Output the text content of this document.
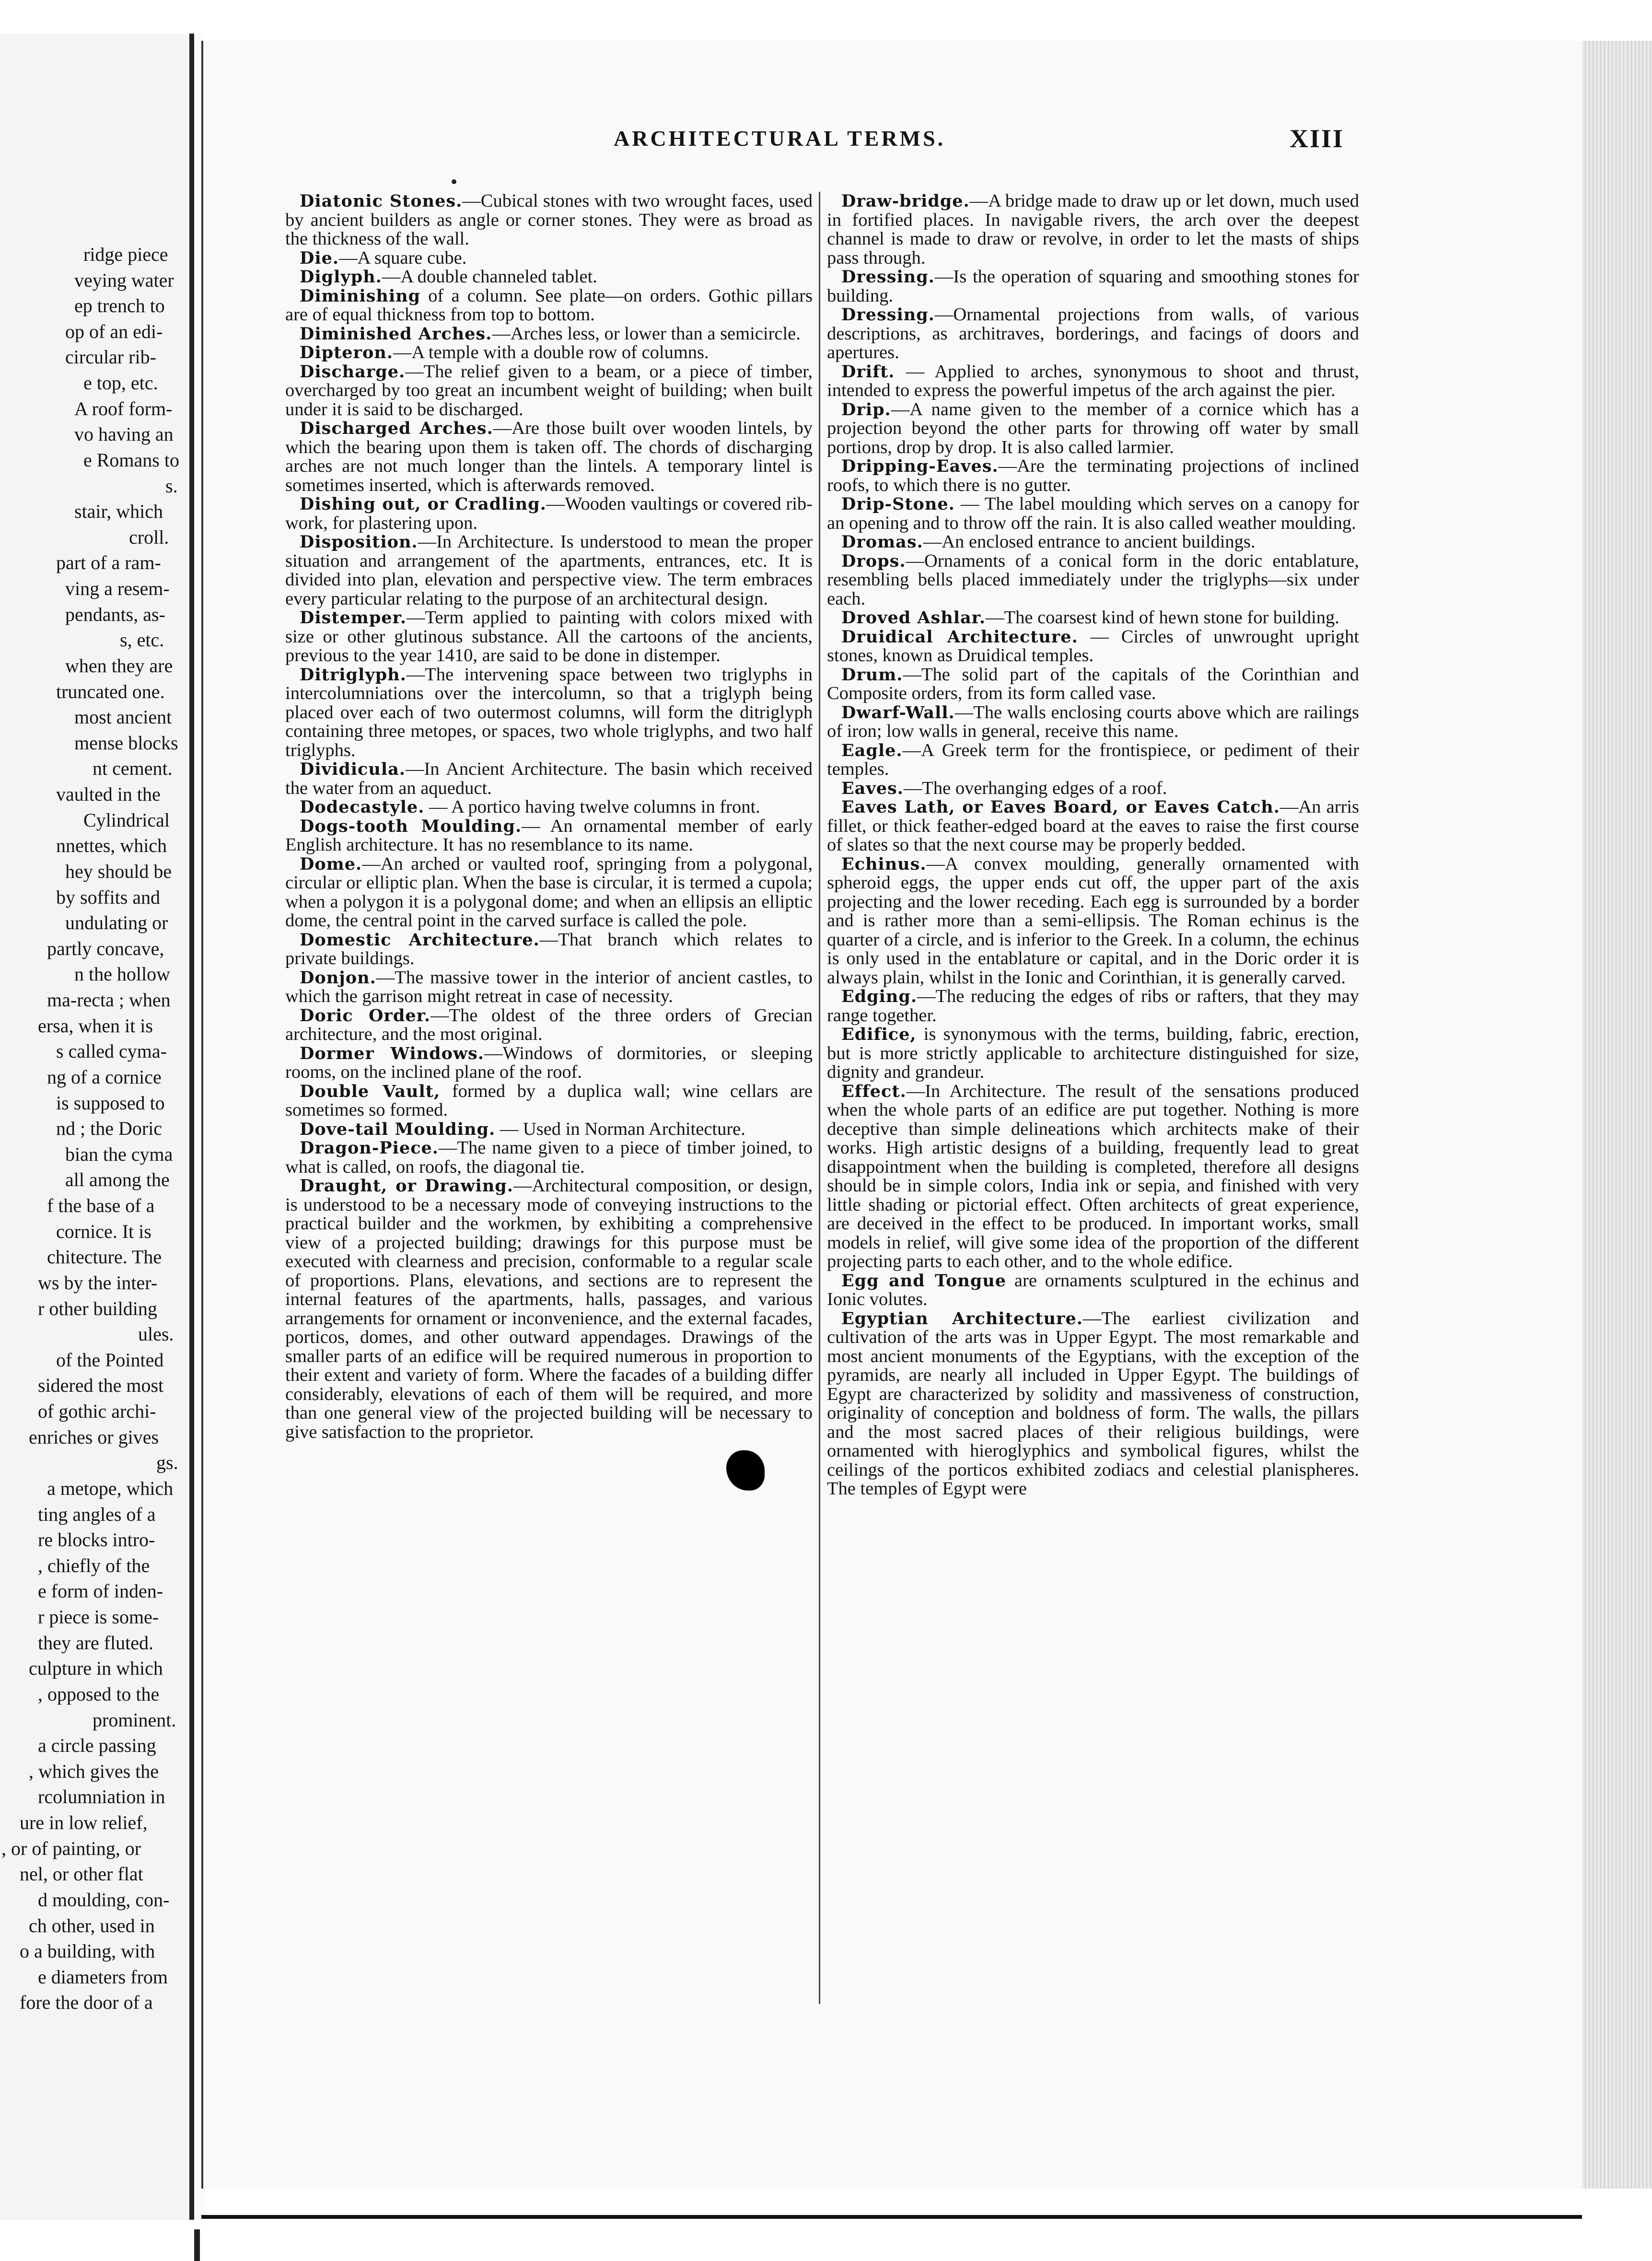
ridge piece
veying water
ep trench to
op of an edi-
circular rib-
e top, etc.
A roof form-
vo having an
e Romans to
s.
stair, which
croll.
part of a ram-
ving a resem-
pendants, as-
s, etc.
when they are
truncated one.
most ancient
mense blocks
nt cement.
vaulted in the
Cylindrical
nnettes, which
hey should be
by soffits and
undulating or
partly concave,
n the hollow
ma-recta ; when
ersa, when it is
s called cyma-
ng of a cornice
is supposed to
nd ; the Doric
bian the cyma
all among the
f the base of a
cornice. It is
chitecture. The
ws by the inter-
r other building
ules.
of the Pointed
sidered the most
of gothic archi-
enriches or gives
gs.
a metope, which
ting angles of a
re blocks intro-
, chiefly of the
e form of inden-
r piece is some-
they are fluted.
culpture in which
, opposed to the
prominent.
a circle passing
, which gives the
rcolumniation in
ure in low relief,
, or of painting, or
nel, or other flat
d moulding, con-
ch other, used in
o a building, with
e diameters from
fore the door of a
ARCHITECTURAL TERMS.	XIII

Diatonic Stones.—Cubical stones with two wrought faces, used by ancient builders as angle or corner stones. They were as broad as the thickness of the wall.

Die.—A square cube.

Diglyph.—A double channeled tablet.

Diminishing of a column. See plate—on orders. Gothic pillars are of equal thickness from top to bottom.

Diminished Arches.—Arches less, or lower than a semicircle.

Dipteron.—A temple with a double row of columns.

Discharge.—The relief given to a beam, or a piece of timber, overcharged by too great an incumbent weight of building; when built under it is said to be discharged.

Discharged Arches.—Are those built over wooden lintels, by which the bearing upon them is taken off. The chords of discharging arches are not much longer than the lintels. A temporary lintel is sometimes inserted, which is afterwards removed.

Dishing out, or Cradling.—Wooden vaultings or covered rib-work, for plastering upon.

Disposition.—In Architecture. Is understood to mean the proper situation and arrangement of the apartments, entrances, etc. It is divided into plan, elevation and perspective view. The term embraces every particular relating to the purpose of an architectural design.

Distemper.—Term applied to painting with colors mixed with size or other glutinous substance. All the cartoons of the ancients, previous to the year 1410, are said to be done in distemper.

Ditriglyph.—The intervening space between two triglyphs in intercolumniations over the intercolumn, so that a triglyph being placed over each of two outermost columns, will form the ditriglyph containing three metopes, or spaces, two whole triglyphs, and two half triglyphs.

Dividicula.—In Ancient Architecture. The basin which received the water from an aqueduct.

Dodecastyle. — A portico having twelve columns in front.

Dogs-tooth Moulding.— An ornamental member of early English architecture. It has no resemblance to its name.

Dome.—An arched or vaulted roof, springing from a polygonal, circular or elliptic plan. When the base is circular, it is termed a cupola; when a polygon it is a polygonal dome; and when an ellipsis an elliptic dome, the central point in the carved surface is called the pole.

Domestic Architecture.—That branch which relates to private buildings.

Donjon.—The massive tower in the interior of ancient castles, to which the garrison might retreat in case of necessity.

Doric Order.—The oldest of the three orders of Grecian architecture, and the most original.

Dormer Windows.—Windows of dormitories, or sleeping rooms, on the inclined plane of the roof.

Double Vault, formed by a duplica wall; wine cellars are sometimes so formed.

Dove-tail Moulding. — Used in Norman Architecture.

Dragon-Piece.—The name given to a piece of timber joined, to what is called, on roofs, the diagonal tie.

Draught, or Drawing.—Architectural composition, or design, is understood to be a necessary mode of conveying instructions to the practical builder and the workmen, by exhibiting a comprehensive view of a projected building; drawings for this purpose must be executed with clearness and precision, conformable to a regular scale of proportions. Plans, elevations, and sections are to represent the internal features of the apartments, halls, passages, and various arrangements for ornament or inconvenience, and the external facades, porticos, domes, and other outward appendages. Drawings of the smaller parts of an edifice will be required numerous in proportion to their extent and variety of form. Where the facades of a building differ considerably, elevations of each of them will be required, and more than one general view of the projected building will be necessary to give satisfaction to the proprietor.

Draw-bridge.—A bridge made to draw up or let down, much used in fortified places. In navigable rivers, the arch over the deepest channel is made to draw or revolve, in order to let the masts of ships pass through.

Dressing.—Is the operation of squaring and smoothing stones for building.

Dressing.—Ornamental projections from walls, of various descriptions, as architraves, borderings, and facings of doors and apertures.

Drift. — Applied to arches, synonymous to shoot and thrust, intended to express the powerful impetus of the arch against the pier.

Drip.—A name given to the member of a cornice which has a projection beyond the other parts for throwing off water by small portions, drop by drop. It is also called larmier.

Dripping-Eaves.—Are the terminating projections of inclined roofs, to which there is no gutter.

Drip-Stone. — The label moulding which serves on a canopy for an opening and to throw off the rain. It is also called weather moulding.

Dromas.—An enclosed entrance to ancient buildings.

Drops.—Ornaments of a conical form in the doric entablature, resembling bells placed immediately under the triglyphs—six under each.

Droved Ashlar.—The coarsest kind of hewn stone for building.

Druidical Architecture. — Circles of unwrought upright stones, known as Druidical temples.

Drum.—The solid part of the capitals of the Corinthian and Composite orders, from its form called vase.

Dwarf-Wall.—The walls enclosing courts above which are railings of iron; low walls in general, receive this name.

Eagle.—A Greek term for the frontispiece, or pediment of their temples.

Eaves.—The overhanging edges of a roof.

Eaves Lath, or Eaves Board, or Eaves Catch.—An arris fillet, or thick feather-edged board at the eaves to raise the first course of slates so that the next course may be properly bedded.

Echinus.—A convex moulding, generally ornamented with spheroid eggs, the upper ends cut off, the upper part of the axis projecting and the lower receding. Each egg is surrounded by a border and is rather more than a semi-ellipsis. The Roman echinus is the quarter of a circle, and is inferior to the Greek. In a column, the echinus is only used in the entablature or capital, and in the Doric order it is always plain, whilst in the Ionic and Corinthian, it is generally carved.

Edging.—The reducing the edges of ribs or rafters, that they may range together.

Edifice, is synonymous with the terms, building, fabric, erection, but is more strictly applicable to architecture distinguished for size, dignity and grandeur.

Effect.—In Architecture. The result of the sensations produced when the whole parts of an edifice are put together. Nothing is more deceptive than simple delineations which architects make of their works. High artistic designs of a building, frequently lead to great disappointment when the building is completed, therefore all designs should be in simple colors, India ink or sepia, and finished with very little shading or pictorial effect. Often architects of great experience, are deceived in the effect to be produced. In important works, small models in relief, will give some idea of the proportion of the different projecting parts to each other, and to the whole edifice.

Egg and Tongue are ornaments sculptured in the echinus and Ionic volutes.

Egyptian Architecture.—The earliest civilization and cultivation of the arts was in Upper Egypt. The most remarkable and most ancient monuments of the Egyptians, with the exception of the pyramids, are nearly all included in Upper Egypt. The buildings of Egypt are characterized by solidity and massiveness of construction, originality of conception and boldness of form. The walls, the pillars and the most sacred places of their religious buildings, were ornamented with hieroglyphics and symbolical figures, whilst the ceilings of the porticos exhibited zodiacs and celestial planispheres. The temples of Egypt were
